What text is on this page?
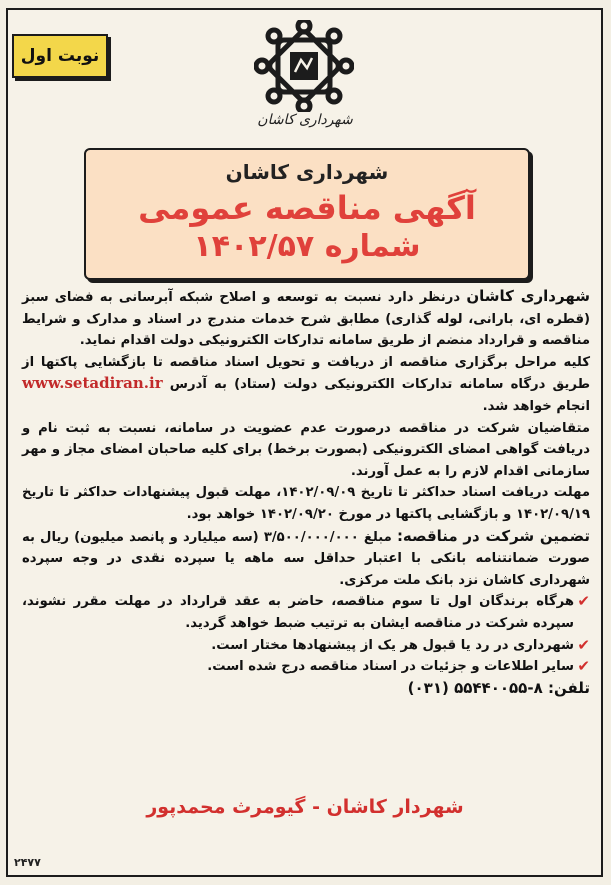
نوبت اول
شهرداری کاشان
شهرداری کاشان
آگهی مناقصه عمومی
شماره ۱۴۰۲/۵۷

شهرداری کاشان درنظر دارد نسبت به توسعه و اصلاح شبکه آبرسانی به فضای سبز (قطره ای، بارانی، لوله گذاری) مطابق شرح خدمات مندرج در اسناد و مدارک و شرایط مناقصه و قرارداد منضم از طریق سامانه تدارکات الکترونیکی دولت اقدام نماید.

کلیه مراحل برگزاری مناقصه از دریافت و تحویل اسناد مناقصه تا بازگشایی پاکتها از طریق درگاه سامانه تدارکات الکترونیکی دولت (ستاد) به آدرس www.setadiran.ir انجام خواهد شد.

متقاضیان شرکت در مناقصه درصورت عدم عضویت در سامانه، نسبت به ثبت نام و دریافت گواهی امضای الکترونیکی (بصورت برخط) برای کلیه صاحبان امضای مجاز و مهر سازمانی اقدام لازم را به عمل آورند.

مهلت دریافت اسناد حداکثر تا تاریخ ۱۴۰۲/۰۹/۰۹، مهلت قبول پیشنهادات حداکثر تا تاریخ ۱۴۰۲/۰۹/۱۹ و بازگشایی پاکتها در مورخ ۱۴۰۲/۰۹/۲۰ خواهد بود.

تضمین شرکت در مناقصه: مبلغ ۳/۵۰۰/۰۰۰/۰۰۰ (سه میلیارد و پانصد میلیون) ریال به صورت ضمانتنامه بانکی با اعتبار حداقل سه ماهه یا سپرده نقدی در وجه سپرده شهرداری کاشان نزد بانک ملت مرکزی.

✔
هرگاه برندگان اول تا سوم مناقصه، حاضر به عقد قرارداد در مهلت مقرر نشوند، سپرده شرکت در مناقصه ایشان به ترتیب ضبط خواهد گردید.
✔
شهرداری در رد یا قبول هر یک از پیشنهادها مختار است.
✔
سایر اطلاعات و جزئیات در اسناد مناقصه درج شده است.

تلفن: ۸-۵۵۴۴۰۰۵۵ (۰۳۱)

شهردار کاشان - گیومرث محمدپور
۲۴۷۷
